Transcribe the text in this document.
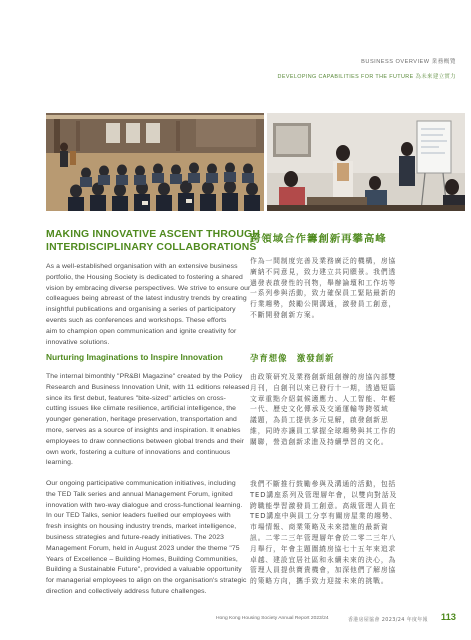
BUSINESS OVERVIEW 業務概覽
DEVELOPING CAPABILITIES FOR THE FUTURE 為未來建立實力
MAKING INNOVATIVE ASCENT THROUGH
INTERDISCIPLINARY COLLABORATIONS
跨領域合作籌創新再攀高峰
As a well-established organisation with an extensive business
portfolio, the Housing Society is dedicated to fostering a shared
vision by embracing diverse perspectives. We strive to ensure our
colleagues being abreast of the latest industry trends by creating
insightful publications and organising a series of participatory
events such as conferences and workshops. These efforts
aim to champion open communication and ignite creativity for
innovative solutions.
作為一間制度完善及業務廣泛的機構，房協
廣納不同意見，致力建立共同願景。我們透
過發表啟發性的刊物，舉辦論壇和工作坊等
一系列參與活動，致力確保員工緊貼最新的
行業趨勢，鼓勵公開溝通，激發員工創意，
不斷開發創新方案。
Nurturing Imaginations to Inspire Innovation	孕育想像　激發創新
The internal bimonthly "PR&BI Magazine" created by the Policy
Research and Business Innovation Unit, with 11 editions released
since its first debut, features "bite-sized" articles on cross-
cutting issues like climate resilience, artificial intelligence, the
younger generation, heritage preservation, transportation and
more, serves as a source of insights and inspiration. It enables
employees to draw connections between global trends and their
own work, fostering a culture of innovations and continuous
learning.
由政策研究及業務創新組創辦的房協內部雙
月刊，自創刊以來已發行十一期，透過短篇
文章重點介紹氣候適應力、人工智能、年輕
一代、歷史文化傳承及交通運輸等跨領域
議題，為員工提供多元見解，啟發創新思
維，同時亦讓員工掌握全球趨勢與其工作的
關聯，營造創新求進及持續學習的文化。
Our ongoing participative communication initiatives, including
the TED Talk series and annual Management Forum, ignited
innovation with two-way dialogue and cross-functional learning.
In our TED Talks, senior leaders fuelled our employees with
fresh insights on housing industry trends, market intelligence,
business strategies and future-ready initiatives. The 2023
Management Forum, held in August 2023 under the theme "75
Years of Excellence – Building Homes, Building Communities,
Building a Sustainable Future", provided a valuable opportunity
for managerial employees to align on the organisation's strategic
direction and collectively address future challenges.
我們不斷推行鼓勵參與及溝通的活動，包括
TED講座系列及管理層年會，以雙向對話及
跨職能學習激發員工創意。高級管理人員在
TED講座中與員工分享有關房屋業的趨勢、
市場情報、商業策略及未來措施的最新資
訊。二零二三年管理層年會於二零二三年八
月舉行，年會主題圍繞房協七十五年來追求
卓越、建設宜居社區和永續未來的決心，為
管理人員提供寶貴機會，加深他們了解房協
的策略方向，攜手致力迎接未來的挑戰。
Hong Kong Housing Society Annual Report 2023/24	香港房屋協會 2023/24 年度年報 113
